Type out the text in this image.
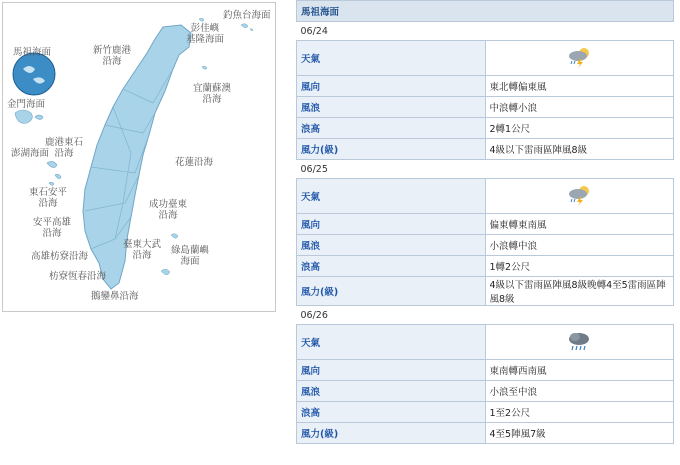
馬祖海面
金門海面
釣魚台海面
彭佳嶼
基隆海面
新竹鹿港
沿海
宜蘭蘇澳
沿海
鹿港東石
沿海
澎湖海面
花蓮沿海
東石安平
沿海	成功臺東
沿海
安平高雄
沿海
綠島蘭嶼
海面
高雄枋寮沿海
臺東大武
沿海
枋寮恆春沿海
鵝鑾鼻沿海
馬祖海面	
06/24	
天氣	
風向	東北轉偏東風
風浪	中浪轉小浪
浪高	2轉1公尺
風力(級)	4級以下雷雨區陣風8級
06/25	
天氣	
風向	偏東轉東南風
風浪	小浪轉中浪
浪高	1轉2公尺
風力(級)	4級以下雷雨區陣風8級晚轉4至5雷雨區陣風8級
06/26	
天氣	
風向	東南轉西南風
風浪	小浪至中浪
浪高	1至2公尺
風力(級)	4至5陣風7級
